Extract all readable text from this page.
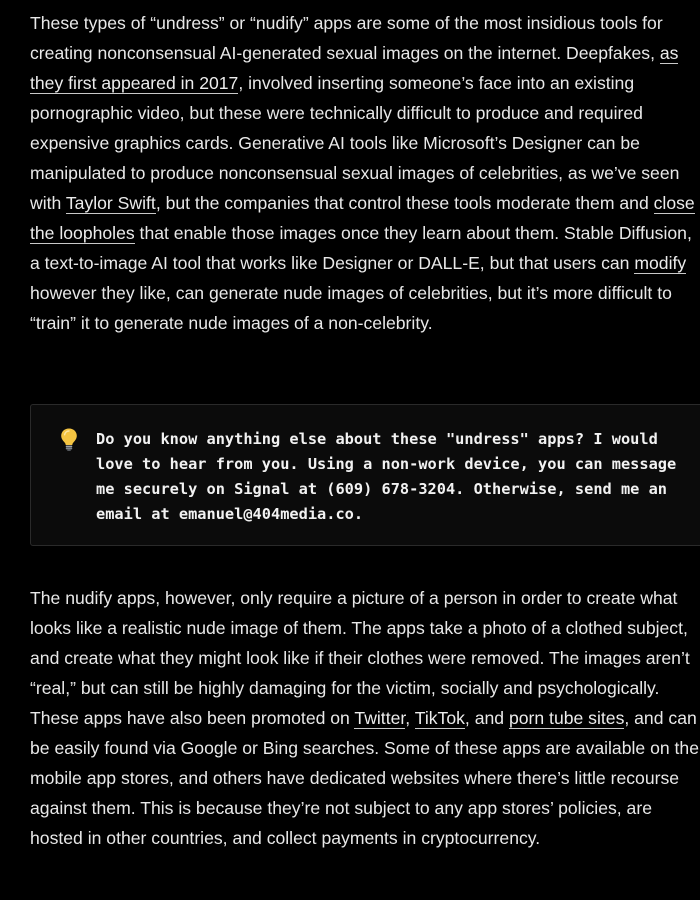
These types of “undress” or “nudify” apps are some of the most insidious tools for creating nonconsensual AI-generated sexual images on the internet. Deepfakes, as they first appeared in 2017, involved inserting someone’s face into an existing pornographic video, but these were technically difficult to produce and required expensive graphics cards. Generative AI tools like Microsoft’s Designer can be manipulated to produce nonconsensual sexual images of celebrities, as we’ve seen with Taylor Swift, but the companies that control these tools moderate them and close the loopholes that enable those images once they learn about them. Stable Diffusion, a text-to-image AI tool that works like Designer or DALL-E, but that users can modify however they like, can generate nude images of celebrities, but it’s more difficult to “train” it to generate nude images of a non-celebrity.

Do you know anything else about these "undress" apps? I would love to hear from you. Using a non-work device, you can message me securely on Signal at (609) 678-3204. Otherwise, send me an email at emanuel@404media.co.

The nudify apps, however, only require a picture of a person in order to create what looks like a realistic nude image of them. The apps take a photo of a clothed subject, and create what they might look like if their clothes were removed. The images aren’t “real,” but can still be highly damaging for the victim, socially and psychologically. These apps have also been promoted on Twitter, TikTok, and porn tube sites, and can be easily found via Google or Bing searches. Some of these apps are available on the mobile app stores, and others have dedicated websites where there’s little recourse against them. This is because they’re not subject to any app stores’ policies, are hosted in other countries, and collect payments in cryptocurrency.
